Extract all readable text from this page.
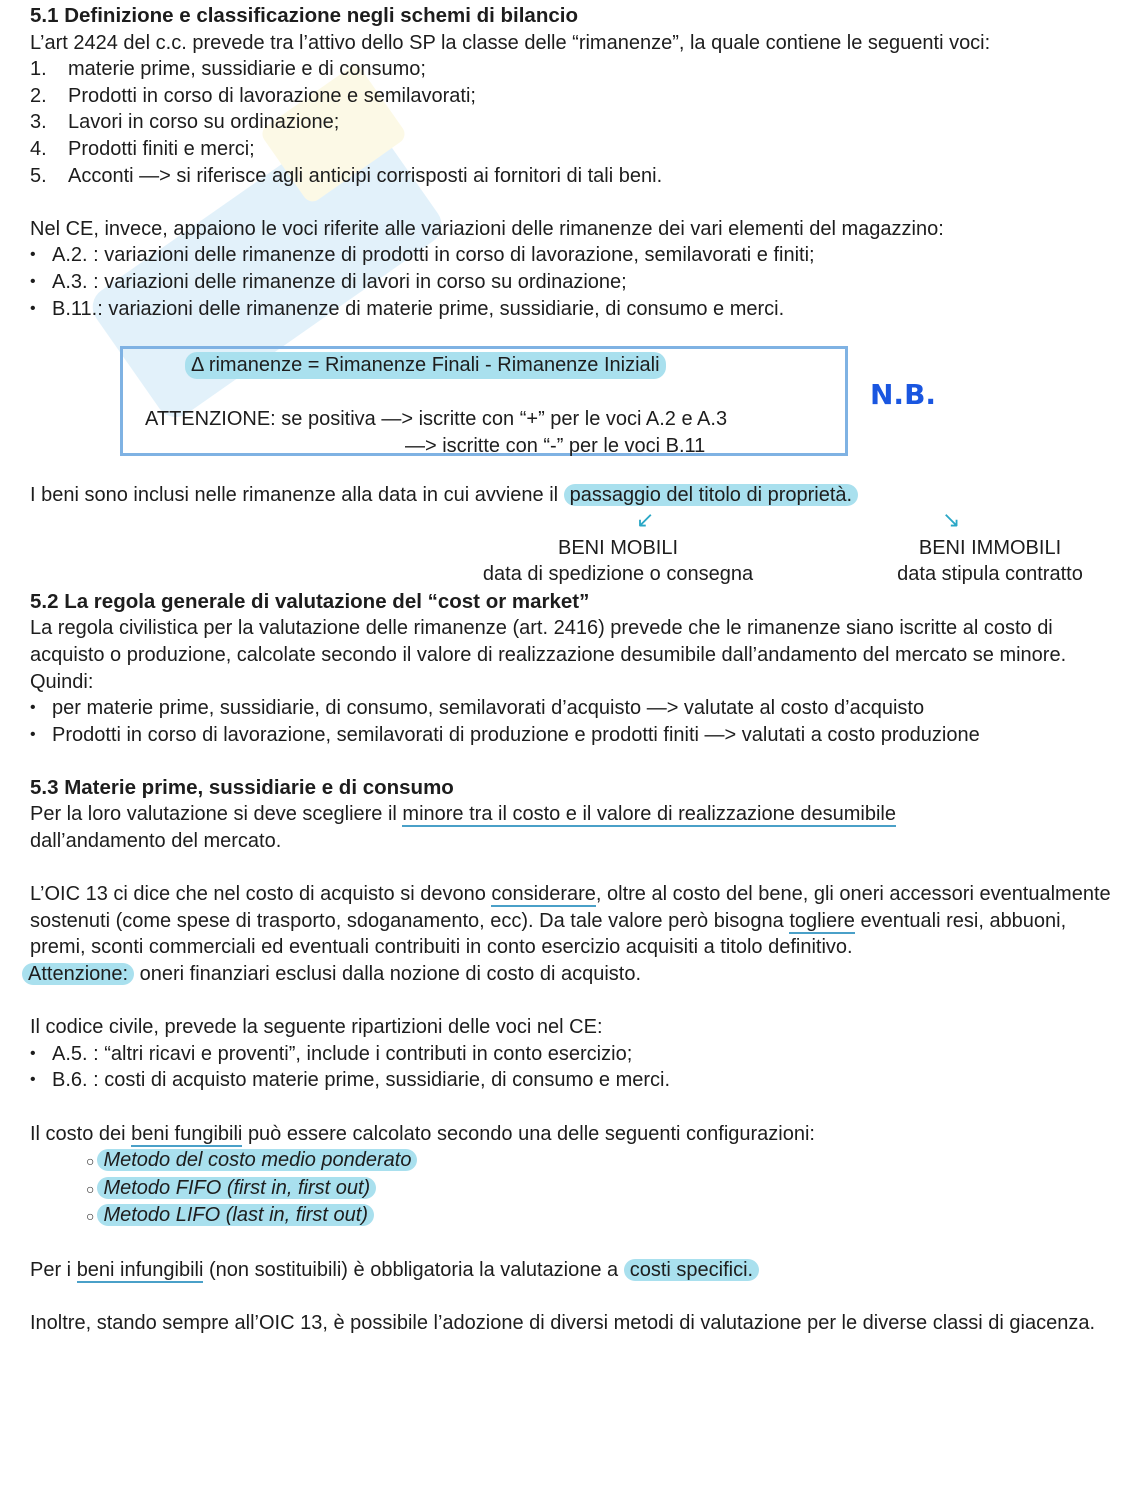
5.1 Definizione e classificazione negli schemi di bilancio

L’art 2424 del c.c. prevede tra l’attivo dello SP la classe delle “rimanenze”, la quale contiene le seguenti voci:

1. materie prime, sussidiarie e di consumo;
2. Prodotti in corso di lavorazione e semilavorati;
3. Lavori in corso su ordinazione;
4. Prodotti finiti e merci;
5. Acconti —> si riferisce agli anticipi corrisposti ai fornitori di tali beni.

Nel CE, invece, appaiono le voci riferite alle variazioni delle rimanenze dei vari elementi del magazzino:

• A.2. : variazioni delle rimanenze di prodotti in corso di lavorazione, semilavorati e finiti;
• A.3. : variazioni delle rimanenze di lavori in corso su ordinazione;
• B.11.: variazioni delle rimanenze di materie prime, sussidiarie, di consumo e merci.
Δ rimanenze = Rimanenze Finali - Rimanenze Iniziali
ATTENZIONE: se positiva —> iscritte con “+” per le voci A.2 e A.3
—> iscritte con “-” per le voci B.11

I beni sono inclusi nelle rimanenze alla data in cui avviene il passaggio del titolo di proprietà.

↙	↘
BENI MOBILI
data di spedizione o consegna
BENI IMMOBILI
data stipula contratto
5.2 La regola generale di valutazione del “cost or market”

La regola civilistica per la valutazione delle rimanenze (art. 2416) prevede che le rimanenze siano iscritte al costo di acquisto o produzione, calcolate secondo il valore di realizzazione desumibile dall’andamento del mercato se minore.

Quindi:

• per materie prime, sussidiarie, di consumo, semilavorati d’acquisto —> valutate al costo d’acquisto
• Prodotti in corso di lavorazione, semilavorati di produzione e prodotti finiti —> valutati a costo produzione
5.3 Materie prime, sussidiarie e di consumo

Per la loro valutazione si deve scegliere il minore tra il costo e il valore di realizzazione desumibile
dall’andamento del mercato.

L’OIC 13 ci dice che nel costo di acquisto si devono considerare, oltre al costo del bene, gli oneri accessori eventualmente sostenuti (come spese di trasporto, sdoganamento, ecc). Da tale valore però bisogna togliere eventuali resi, abbuoni, premi, sconti commerciali ed eventuali contribuiti in conto esercizio acquisiti a titolo definitivo.

Attenzione: oneri finanziari esclusi dalla nozione di costo di acquisto.

Il codice civile, prevede la seguente ripartizioni delle voci nel CE:

• A.5. : “altri ricavi e proventi”, include i contributi in conto esercizio;
• B.6. : costi di acquisto materie prime, sussidiarie, di consumo e merci.

Il costo dei beni fungibili può essere calcolato secondo una delle seguenti configurazioni:

○ Metodo del costo medio ponderato
○ Metodo FIFO (first in, first out)
○ Metodo LIFO (last in, first out)

Per i beni infungibili (non sostituibili) è obbligatoria la valutazione a costi specifici.

Inoltre, stando sempre all’OIC 13, è possibile l’adozione di diversi metodi di valutazione per le diverse classi di giacenza.

N.B.
